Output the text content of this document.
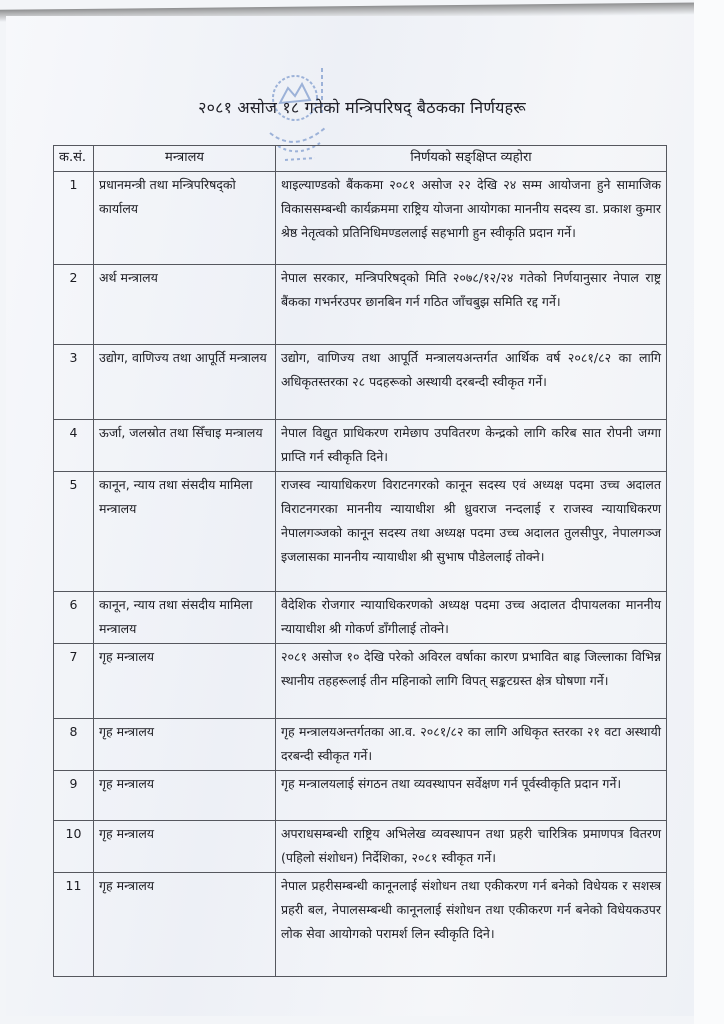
२०८१ असोज १८ गतेको मन्त्रिपरिषद् बैठकका निर्णयहरू
क.सं.	मन्त्रालय	निर्णयको सङ्क्षिप्त व्यहोरा
1	प्रधानमन्त्री तथा मन्त्रिपरिषद्को कार्यालय	थाइल्याण्डको बैंककमा २०८१ असोज २२ देखि २४ सम्म आयोजना हुने सामाजिक विकाससम्बन्धी कार्यक्रममा राष्ट्रिय योजना आयोगका माननीय सदस्य डा. प्रकाश कुमार श्रेष्ठ नेतृत्वको प्रतिनिधिमण्डललाई सहभागी हुन स्वीकृति प्रदान गर्ने।
2	अर्थ मन्त्रालय	नेपाल सरकार, मन्त्रिपरिषद्को मिति २०७८/१२/२४ गतेको निर्णयानुसार नेपाल राष्ट्र बैंकका गभर्नरउपर छानबिन गर्न गठित जाँचबुझ समिति रद्द गर्ने।
3	उद्योग, वाणिज्य तथा आपूर्ति मन्त्रालय	उद्योग, वाणिज्य तथा आपूर्ति मन्त्रालयअन्तर्गत आर्थिक वर्ष २०८१/८२ का लागि अधिकृतस्तरका २८ पदहरूको अस्थायी दरबन्दी स्वीकृत गर्ने।
4	ऊर्जा, जलस्रोत तथा सिँचाइ मन्त्रालय	नेपाल विद्युत प्राधिकरण रामेछाप उपवितरण केन्द्रको लागि करिब सात रोपनी जग्गा प्राप्ति गर्न स्वीकृति दिने।
5	कानून, न्याय तथा संसदीय मामिला मन्त्रालय	राजस्व न्यायाधिकरण विराटनगरको कानून सदस्य एवं अध्यक्ष पदमा उच्च अदालत विराटनगरका माननीय न्यायाधीश श्री ध्रुवराज नन्दलाई र राजस्व न्यायाधिकरण नेपालगञ्जको कानून सदस्य तथा अध्यक्ष पदमा उच्च अदालत तुलसीपुर, नेपालगञ्ज इजलासका माननीय न्यायाधीश श्री सुभाष पौडेललाई तोक्ने।
6	कानून, न्याय तथा संसदीय मामिला मन्त्रालय	वैदेशिक रोजगार न्यायाधिकरणको अध्यक्ष पदमा उच्च अदालत दीपायलका माननीय न्यायाधीश श्री गोकर्ण डाँगीलाई तोक्ने।
7	गृह मन्त्रालय	२०८१ असोज १० देखि परेको अविरल वर्षाका कारण प्रभावित बाह्र जिल्लाका विभिन्न स्थानीय तहहरूलाई तीन महिनाको लागि विपत् सङ्कटग्रस्त क्षेत्र घोषणा गर्ने।
8	गृह मन्त्रालय	गृह मन्त्रालयअन्तर्गतका आ.व. २०८१/८२ का लागि अधिकृत स्तरका २१ वटा अस्थायी दरबन्दी स्वीकृत गर्ने।
9	गृह मन्त्रालय	गृह मन्त्रालयलाई संगठन तथा व्यवस्थापन सर्वेक्षण गर्न पूर्वस्वीकृति प्रदान गर्ने।
10	गृह मन्त्रालय	अपराधसम्बन्धी राष्ट्रिय अभिलेख व्यवस्थापन तथा प्रहरी चारित्रिक प्रमाणपत्र वितरण (पहिलो संशोधन) निर्देशिका, २०८१ स्वीकृत गर्ने।
11	गृह मन्त्रालय	नेपाल प्रहरीसम्बन्धी कानूनलाई संशोधन तथा एकीकरण गर्न बनेको विधेयक र सशस्त्र प्रहरी बल, नेपालसम्बन्धी कानूनलाई संशोधन तथा एकीकरण गर्न बनेको विधेयकउपर लोक सेवा आयोगको परामर्श लिन स्वीकृति दिने।
